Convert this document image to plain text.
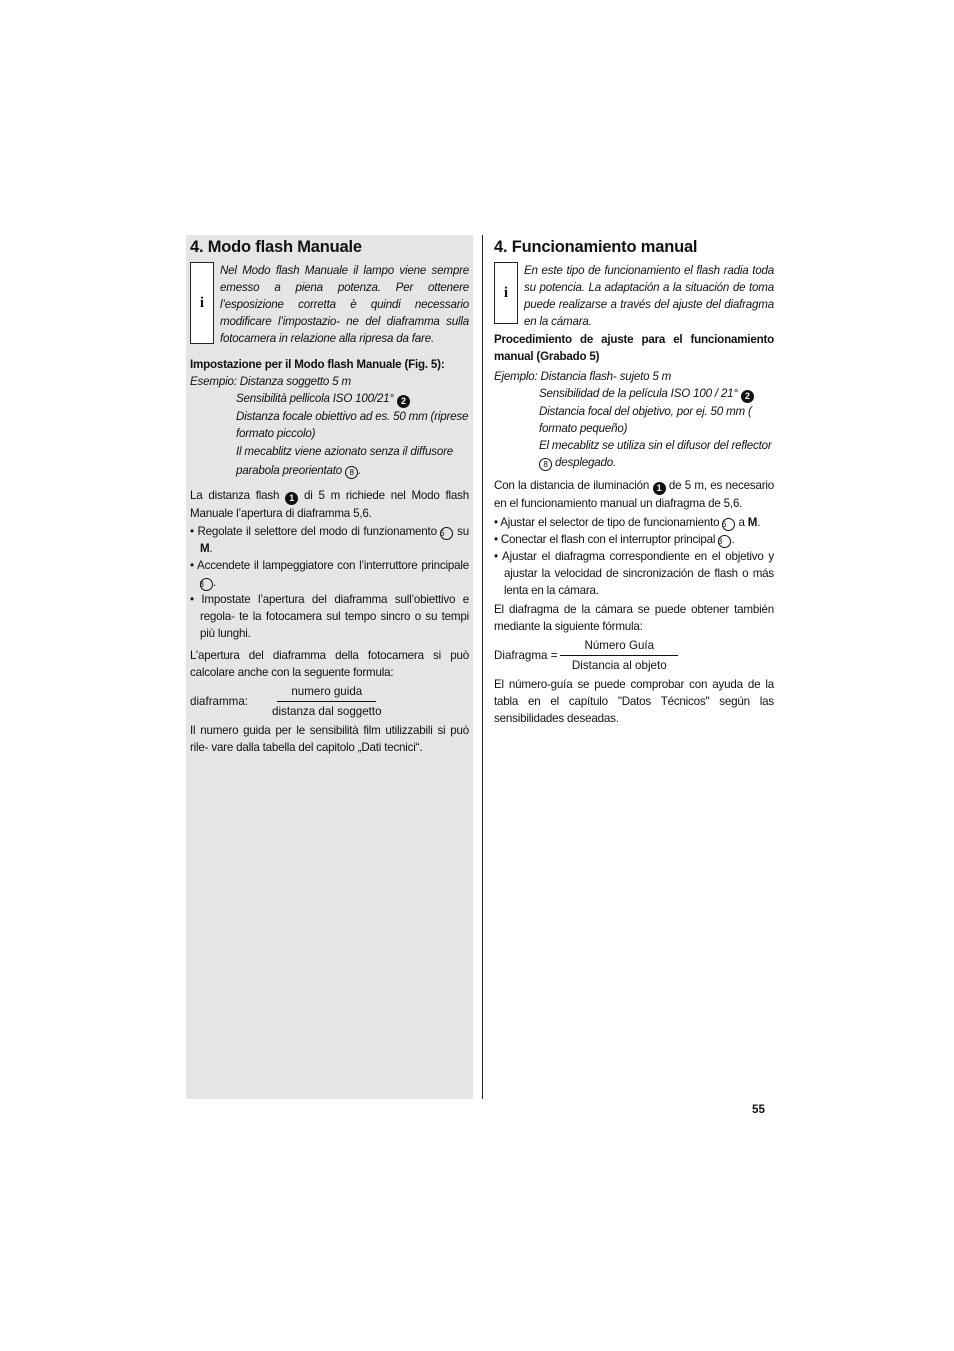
4. Modo flash Manuale
i
Nel Modo flash Manuale il lampo viene sempre emesso a piena potenza. Per ottenere l’esposizione corretta è quindi necessario modificare l’impostazio- ne del diaframma sulla fotocamera in relazione alla ripresa da fare.

Impostazione per il Modo flash Manuale (Fig. 5):

Esempio: Distanza soggetto 5 m

Sensibilità pellicola ISO 100/21° 2

Distanza focale obiettivo ad es. 50 mm (riprese formato piccolo)

Il mecablitz viene azionato senza il diffusore parabola preorientato 8 .

La distanza flash 1 di 5 m richiede nel Modo flash Manuale l’apertura di diaframma 5,6.

• Regolate il selettore del modo di funzionamento 6 su M.

• Accendete il lampeggiatore con l’interruttore principale 3 .

• Impostate l’apertura del diaframma sull’obiettivo e regola- te la fotocamera sul tempo sincro o su tempi più lunghi.

L’apertura del diaframma della fotocamera si può calcolare anche con la seguente formula:

diaframma:	$\frac{\text{numero guida}}{\text{distanza dal soggetto}}$

Il numero guida per le sensibilità film utilizzabili si può rile- vare dalla tabella del capitolo „Dati tecnici“.

4. Funcionamiento manual
i
En este tipo de funcionamiento el flash radia toda su potencia. La adaptación a la situación de toma puede realizarse a través del ajuste del diafragma en la cámara.

Procedimiento de ajuste para el funcionamiento manual (Grabado 5)

Ejemplo: Distancia flash- sujeto 5 m

Sensibilidad de la película ISO 100 / 21° 2

Distancia focal del objetivo, por ej. 50 mm ( formato pequeño)

El mecablitz se utiliza sin el difusor del reflector

8 desplegado.

Con la distancia de iluminación 1 de 5 m, es necesario en el funcionamiento manual un diafragma de 5,6.

• Ajustar el selector de tipo de funcionamiento 6 a M.

• Conectar el flash con el interruptor principal 3 .

• Ajustar el diafragma correspondiente en el objetivo y ajustar la velocidad de sincronización de flash o más lenta en la cámara.

El diafragma de la cámara se puede obtener también mediante la siguiente fórmula:

Diafragma = $\frac{\text{Número Guía}}{\text{Distancia al objeto}}$

El número-guía se puede comprobar con ayuda de la tabla en el capítulo "Datos Técnicos" según las sensibilidades deseadas.

55
